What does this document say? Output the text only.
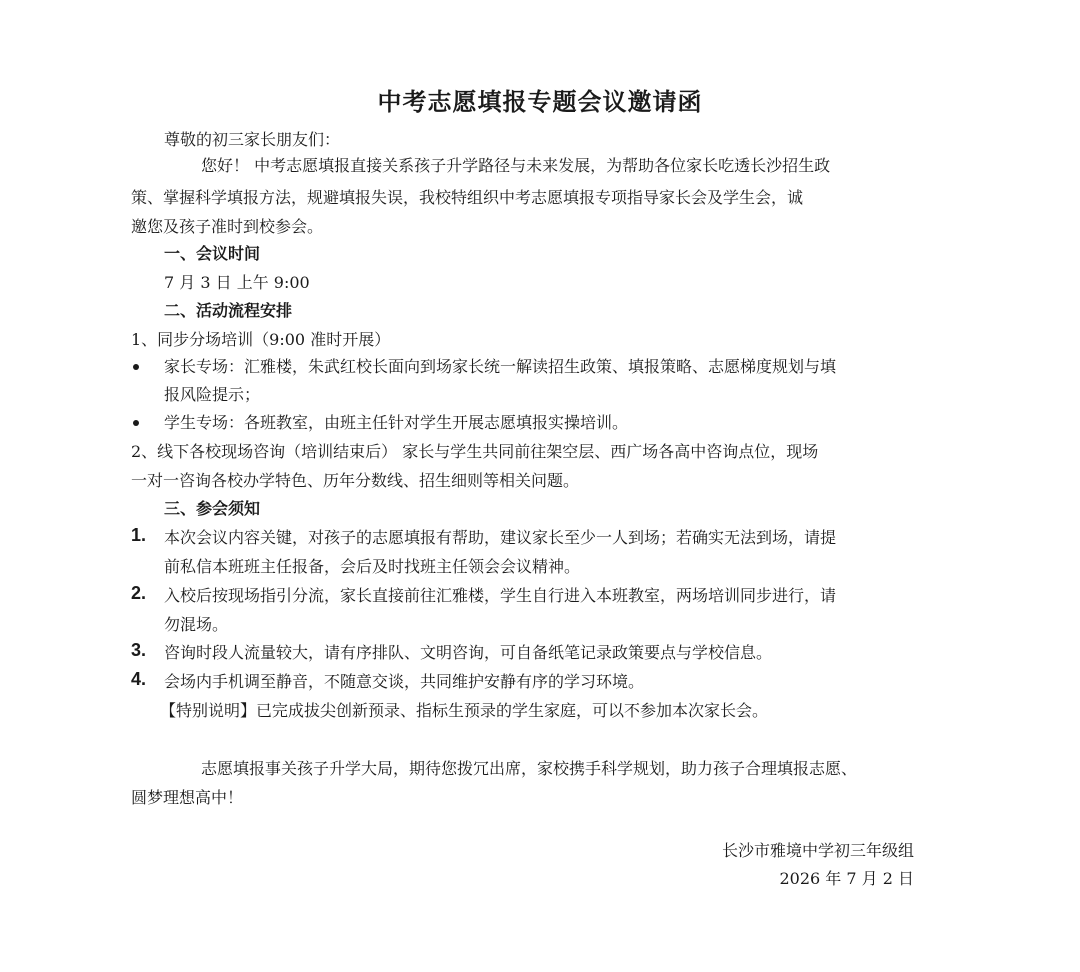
中考志愿填报专题会议邀请函
尊敬的初三家长朋友们：
您好！ 中考志愿填报直接关系孩子升学路径与未来发展，为帮助各位家长吃透长沙招生政
策、掌握科学填报方法，规避填报失误，我校特组织中考志愿填报专项指导家长会及学生会，诚
邀您及孩子准时到校参会。
一、会议时间
7 月 3 日 上午 9:00
二、活动流程安排
1、同步分场培训（9:00 准时开展）
家长专场：汇雅楼，朱武红校长面向到场家长统一解读招生政策、填报策略、志愿梯度规划与填
报风险提示；
学生专场：各班教室，由班主任针对学生开展志愿填报实操培训。
2、线下各校现场咨询（培训结束后） 家长与学生共同前往架空层、西广场各高中咨询点位，现场
一对一咨询各校办学特色、历年分数线、招生细则等相关问题。
三、参会须知
1. 本次会议内容关键，对孩子的志愿填报有帮助，建议家长至少一人到场；若确实无法到场，请提
前私信本班班主任报备，会后及时找班主任领会会议精神。
2. 入校后按现场指引分流，家长直接前往汇雅楼，学生自行进入本班教室，两场培训同步进行，请
勿混场。
3. 咨询时段人流量较大，请有序排队、文明咨询，可自备纸笔记录政策要点与学校信息。
4. 会场内手机调至静音，不随意交谈，共同维护安静有序的学习环境。
【特别说明】已完成拔尖创新预录、指标生预录的学生家庭，可以不参加本次家长会。
志愿填报事关孩子升学大局，期待您拨冗出席，家校携手科学规划，助力孩子合理填报志愿、
圆梦理想高中！
长沙市雅境中学初三年级组
2026 年 7 月 2 日
